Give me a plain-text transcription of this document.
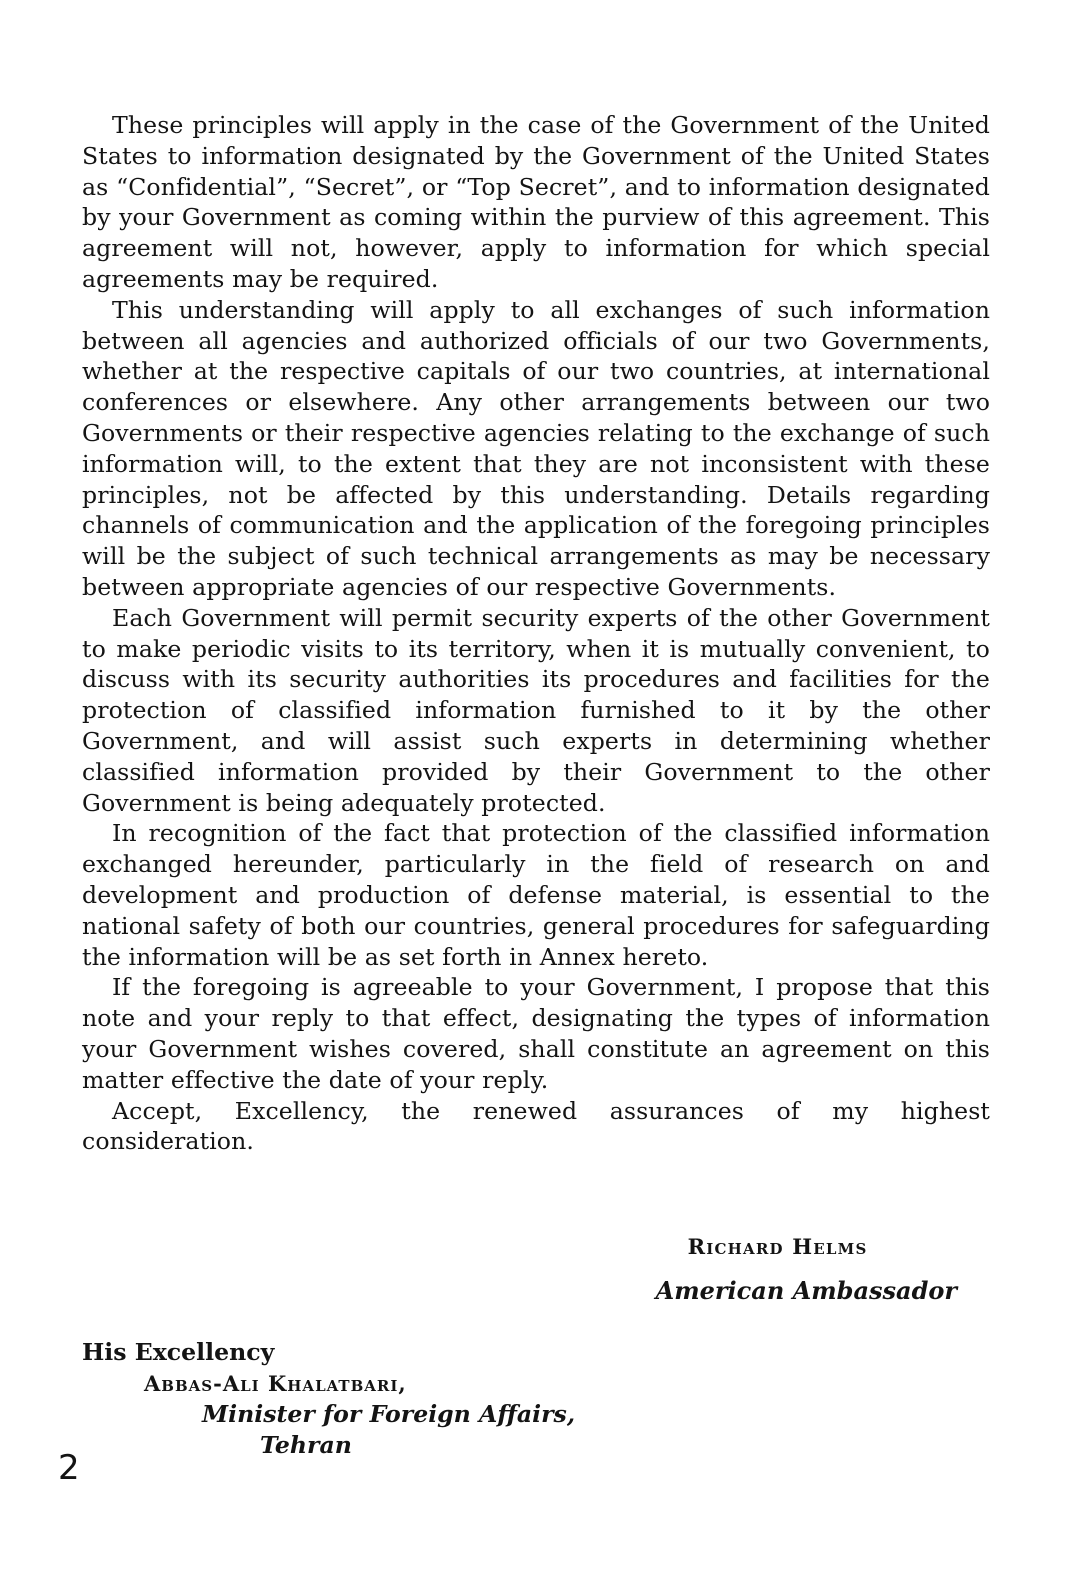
These principles will apply in the case of the Government of the United States to information designated by the Government of the United States as “Confidential”, “Secret”, or “Top Secret”, and to information designated by your Government as coming within the purview of this agreement. This agreement will not, however, apply to information for which special agreements may be required.

This understanding will apply to all exchanges of such information between all agencies and authorized officials of our two Governments, whether at the respective capitals of our two countries, at international conferences or elsewhere. Any other arrangements between our two Governments or their respective agencies relating to the exchange of such information will, to the extent that they are not inconsistent with these principles, not be affected by this understanding. Details regarding channels of communication and the application of the foregoing principles will be the subject of such technical arrangements as may be necessary between appropriate agencies of our respective Governments.

Each Government will permit security experts of the other Government to make periodic visits to its territory, when it is mutually convenient, to discuss with its security authorities its procedures and facilities for the protection of classified information furnished to it by the other Government, and will assist such experts in determining whether classified information provided by their Government to the other Government is being adequately protected.

In recognition of the fact that protection of the classified information exchanged hereunder, particularly in the field of research on and development and production of defense material, is essential to the national safety of both our countries, general procedures for safeguarding the information will be as set forth in Annex hereto.

If the foregoing is agreeable to your Government, I propose that this note and your reply to that effect, designating the types of information your Government wishes covered, shall constitute an agreement on this matter effective the date of your reply.

Accept, Excellency, the renewed assurances of my highest consideration.

Richard Helms

American Ambassador

His Excellency

Abbas-Ali Khalatbari,

Minister for Foreign Affairs,

Tehran

2
